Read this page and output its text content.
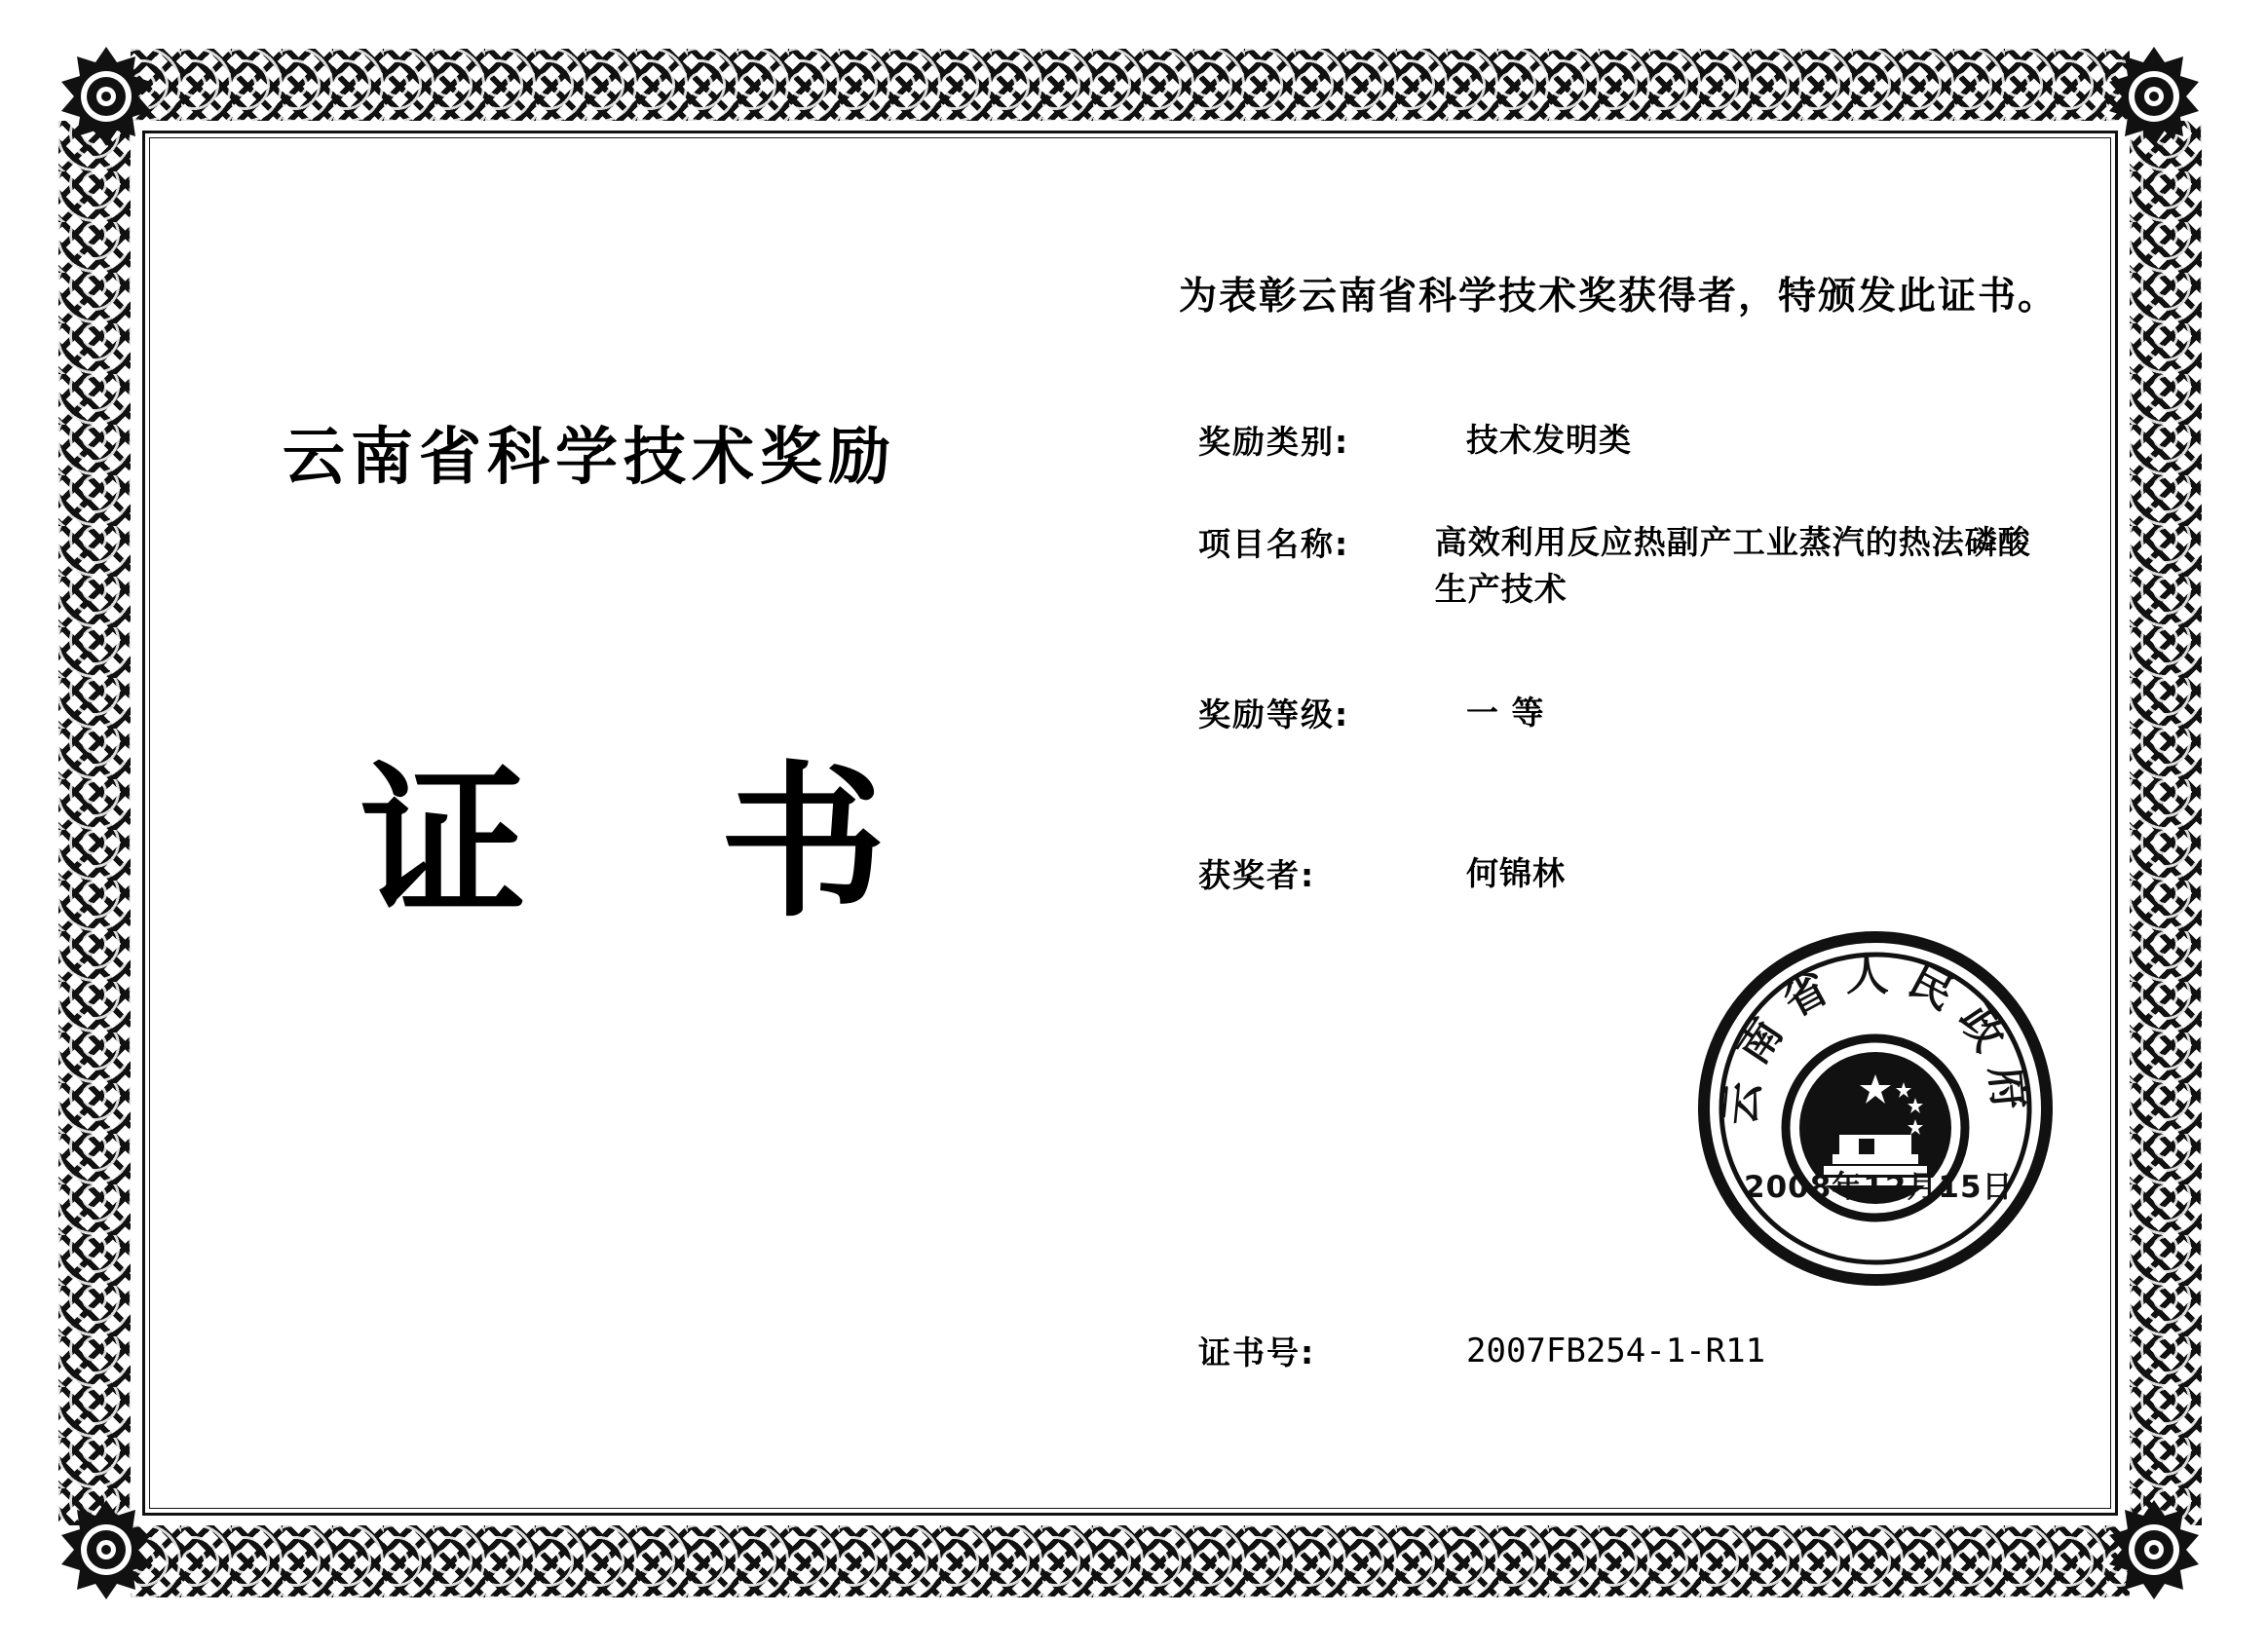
为表彰云南省科学技术奖获得者，特颁发此证书。
云南省科学技术奖励
证 书
奖励类别:	技术发明类
项目名称:	高效利用反应热副产工业蒸汽的热法磷酸生产技术
奖励等级:	一 等
获奖者:	何锦林
证书号:	2007FB254-1-R11
云南省人民政府
2008年12月15日
